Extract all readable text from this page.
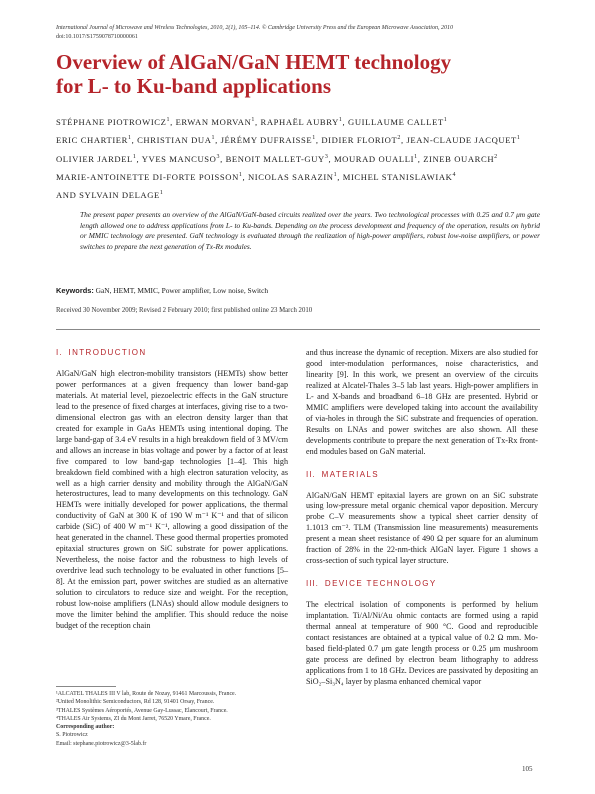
International Journal of Microwave and Wireless Technologies, 2010, 2(1), 105–114. © Cambridge University Press and the European Microwave Association, 2010
doi:10.1017/S1759078710000061
Overview of AlGaN/GaN HEMT technology
for L- to Ku-band applications
STÉPHANE PIOTROWICZ$^1$, ERWAN MORVAN$^1$, RAPHAËL AUBRY$^1$, GUILLAUME CALLET$^1$
ERIC CHARTIER$^1$, CHRISTIAN DUA$^1$, JÉRÉMY DUFRAISSE$^1$, DIDIER FLORIOT$^2$, JEAN-CLAUDE JACQUET$^1$
OLIVIER JARDEL$^1$, YVES MANCUSO$^3$, BENOIT MALLET-GUY$^3$, MOURAD OUALLI$^1$, ZINEB OUARCH$^2$
MARIE-ANTOINETTE DI-FORTE POISSON$^1$, NICOLAS SARAZIN$^1$, MICHEL STANISLAWIAK$^4$
AND SYLVAIN DELAGE$^1$
The present paper presents an overview of the AlGaN/GaN-based circuits realized over the years. Two technological processes with 0.25 and 0.7 μm gate length allowed one to address applications from L- to Ku-bands. Depending on the process development and frequency of the operation, results on hybrid or MMIC technology are presented. GaN technology is evaluated through the realization of high-power amplifiers, robust low-noise amplifiers, or power switches to prepare the next generation of Tx-Rx modules.
Keywords: GaN, HEMT, MMIC, Power amplifier, Low noise, Switch
Received 30 November 2009; Revised 2 February 2010; first published online 23 March 2010
I. INTRODUCTION

AlGaN/GaN high electron-mobility transistors (HEMTs) show better power performances at a given frequency than lower band-gap materials. At material level, piezoelectric effects in the GaN structure lead to the presence of fixed charges at interfaces, giving rise to a two-dimensional electron gas with an electron density larger than that created for example in GaAs HEMTs using intentional doping. The large band-gap of 3.4 eV results in a high breakdown field of 3 MV/cm and allows an increase in bias voltage and power by a factor of at least five compared to low band-gap technologies [1–4]. This high breakdown field combined with a high electron saturation velocity, as well as a high carrier density and mobility through the AlGaN/GaN heterostructures, lead to many developments on this technology. GaN HEMTs were initially developed for power applications, the thermal conductivity of GaN at 300 K of 190 W m⁻¹ K⁻¹ and that of silicon carbide (SiC) of 400 W m⁻¹ K⁻¹, allowing a good dissipation of the heat generated in the channel. These good thermal properties promoted epitaxial structures grown on SiC substrate for power applications. Nevertheless, the noise factor and the robustness to high levels of overdrive lead such technology to be evaluated in other functions [5–8]. At the emission part, power switches are studied as an alternative solution to circulators to reduce size and weight. For the reception, robust low-noise amplifiers (LNAs) should allow module designers to move the limiter behind the amplifier. This should reduce the noise budget of the reception chain

and thus increase the dynamic of reception. Mixers are also studied for good inter-modulation performances, noise characteristics, and linearity [9]. In this work, we present an overview of the circuits realized at Alcatel-Thales 3–5 lab last years. High-power amplifiers in L- and X-bands and broadband 6–18 GHz are presented. Hybrid or MMIC amplifiers were developed taking into account the availability of via-holes in through the SiC substrate and frequencies of operation. Results on LNAs and power switches are also shown. All these developments contribute to prepare the next generation of Tx-Rx front-end modules based on GaN material.

II. MATERIALS

AlGaN/GaN HEMT epitaxial layers are grown on an SiC substrate using low-pressure metal organic chemical vapor deposition. Mercury probe C–V measurements show a typical sheet carrier density of 1.1013 cm⁻². TLM (Transmission line measurements) measurements present a mean sheet resistance of 490 Ω per square for an aluminum fraction of 28% in the 22-nm-thick AlGaN layer. Figure 1 shows a cross-section of such typical layer structure.

III. DEVICE TECHNOLOGY

The electrical isolation of components is performed by helium implantation. Ti/Al/Ni/Au ohmic contacts are formed using a rapid thermal anneal at temperature of 900 °C. Good and reproducible contact resistances are obtained at a typical value of 0.2 Ω mm. Mo-based field-plated 0.7 μm gate length process or 0.25 μm mushroom gate process are defined by electron beam lithography to address applications from 1 to 18 GHz. Devices are passivated by depositing an SiO₂–Si₃N₄ layer by plasma enhanced chemical vapor

¹ALCATEL THALES III V lab, Route de Nozay, 91461 Marcoussis, France.
²United Monolithic Semiconductors, Rd 128, 91401 Orsay, France.
³THALES Systèmes Aéroportés, Avenue Gay-Lussac, Elancourt, France.
⁴THALES Air Systems, ZI du Mont Jarret, 76520 Ymare, France.
Corresponding author:
S. Piotrowicz
Email: stephane.piotrowicz@3-5lab.fr
105
